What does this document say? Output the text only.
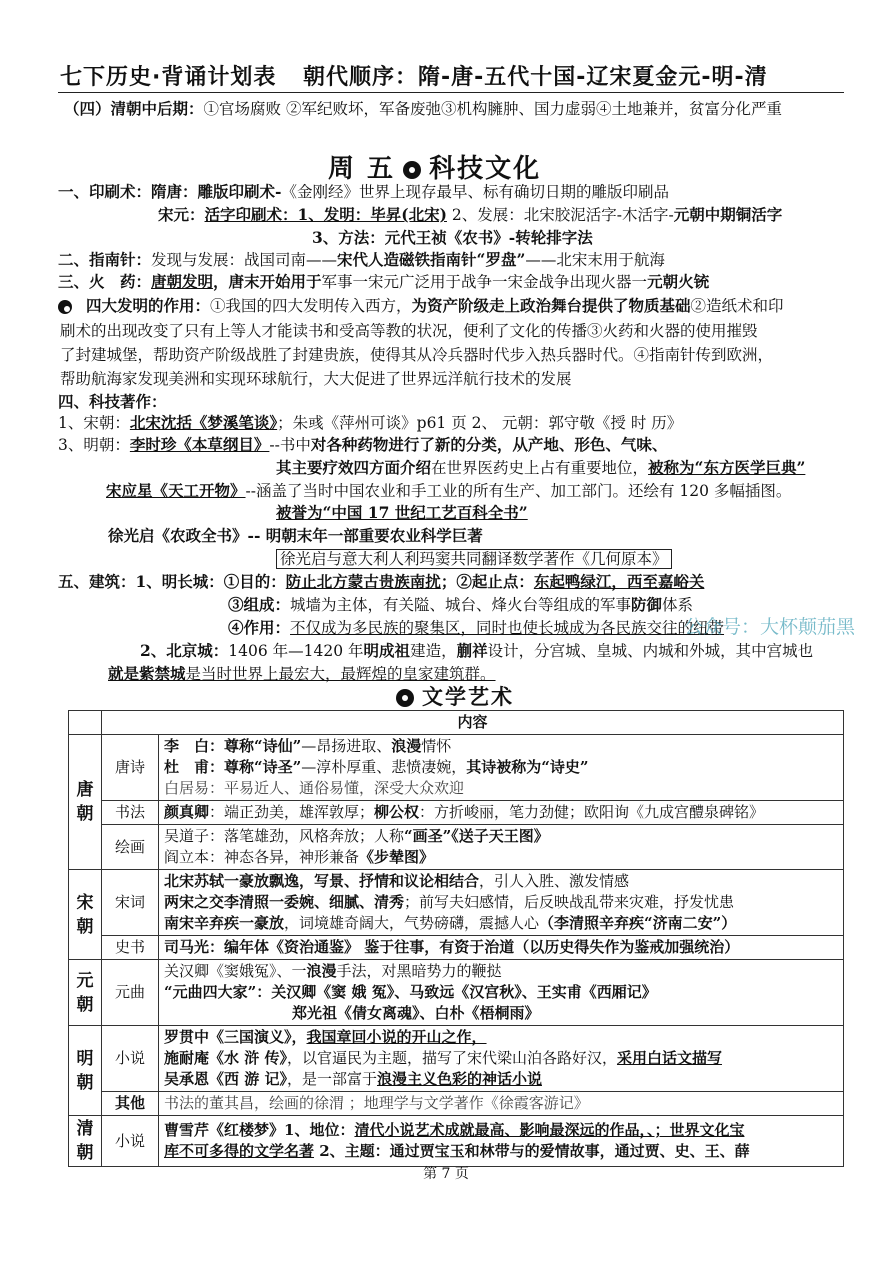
七下历史·背诵计划表 朝代顺序：隋-唐-五代十国-辽宋夏金元-明-清
（四）清朝中后期：①官场腐败 ②军纪败坏，军备废弛③机构臃肿、国力虚弱④土地兼并，贫富分化严重
周 五 科技文化
一、印刷术：隋唐：雕版印刷术-《金刚经》世界上现存最早、标有确切日期的雕版印刷品
宋元：活字印刷术：1、发明：毕昇(北宋) 2、发展：北宋胶泥活字-木活字-元朝中期铜活字
3、方法：元代王祯《农书》-转轮排字法
二、指南针：发现与发展：战国司南——宋代人造磁铁指南针“罗盘”——北宋末用于航海
三、火　药：唐朝发明，唐末开始用于军事一宋元广泛用于战争一宋金战争出现火器一元朝火铳
四大发明的作用：①我国的四大发明传入西方，为资产阶级走上政治舞台提供了物质基础②造纸术和印
刷术的出现改变了只有上等人才能读书和受高等教的状况，便利了文化的传播③火药和火器的使用摧毁
了封建城堡，帮助资产阶级战胜了封建贵族，使得其从冷兵器时代步入热兵器时代。④指南针传到欧洲，
帮助航海家发现美洲和实现环球航行，大大促进了世界远洋航行技术的发展
四、科技著作：
1、宋朝：北宋沈括《梦溪笔谈》；朱彧《萍州可谈》p61 页 2、 元朝：郭守敬《授 时 历》
3、明朝：李时珍《本草纲目》--书中对各种药物进行了新的分类，从产地、形色、气味、
其主要疗效四方面介绍在世界医药史上占有重要地位，被称为“东方医学巨典”
宋应星《天工开物》--涵盖了当时中国农业和手工业的所有生产、加工部门。还绘有 120 多幅插图。
被誉为“中国 17 世纪工艺百科全书”
徐光启《农政全书》-- 明朝末年一部重要农业科学巨著
徐光启与意大利人利玛窦共同翻译数学著作《几何原本》
五、建筑：1、明长城：①目的：防止北方蒙古贵族南扰；②起止点：东起鸭绿江，西至嘉峪关
③组成：城墙为主体，有关隘、城台、烽火台等组成的军事防御体系
④作用：不仅成为多民族的聚集区，同时也使长城成为各民族交往的纽带
2、北京城：1406 年—1420 年明成祖建造，蒯祥设计，分宫城、皇城、内城和外城，其中宫城也
就是紫禁城是当时世界上最宏大，最辉煌的皇家建筑群。
公众号：大杯颠茄黑
文学艺术
	内容	
唐朝	唐诗	李　白：尊称“诗仙”—昂扬进取、浪漫情怀
杜　甫：尊称“诗圣”—淳朴厚重、悲愤凄婉，其诗被称为“诗史”
白居易：平易近人、通俗易懂，深受大众欢迎

	书法	颜真卿：端正劲美，雄浑敦厚；柳公权：方折峻丽，笔力劲健；欧阳询《九成宫醴泉碑铭》

	绘画	吴道子：落笔雄劲，风格奔放；人称“画圣”《送子天王图》
阎立本：神态各异，神形兼备《步辇图》

宋朝	宋词	北宋苏轼一豪放飘逸，写景、抒情和议论相结合，引人入胜、激发情感
两宋之交李清照一委婉、细腻、清秀；前写夫妇感情，后反映战乱带来灾难，抒发忧患
南宋辛弃疾一豪放，词境雄奇阔大，气势磅礴，震撼人心（李清照辛弃疾“济南二安”）

	史书	司马光：编年体《资治通鉴》 鉴于往事，有资于治道（以历史得失作为鉴戒加强统治）

元朝	元曲	关汉卿《窦娥冤》、一浪漫手法，对黑暗势力的鞭挞
“元曲四大家”：关汉卿《窦 娥 冤》、马致远《汉宫秋》、王实甫《西厢记》
郑光祖《倩女离魂》、白朴《梧桐雨》

明朝	小说	罗贯中《三国演义》，我国章回小说的开山之作，
施耐庵《水 浒 传》，以官逼民为主题，描写了宋代梁山泊各路好汉，采用白话文描写
吴承恩《西 游 记》，是一部富于浪漫主义色彩的神话小说

	其他	书法的董其昌，绘画的徐渭 ；地理学与文学著作《徐霞客游记》

清朝	小说	曹雪芹《红楼梦》1、地位：清代小说艺术成就最高、影响最深远的作品，、；世界文化宝
库不可多得的文学名著 2、主题：通过贾宝玉和林带与的爱情故事，通过贾、史、王、薛
第 7 页
